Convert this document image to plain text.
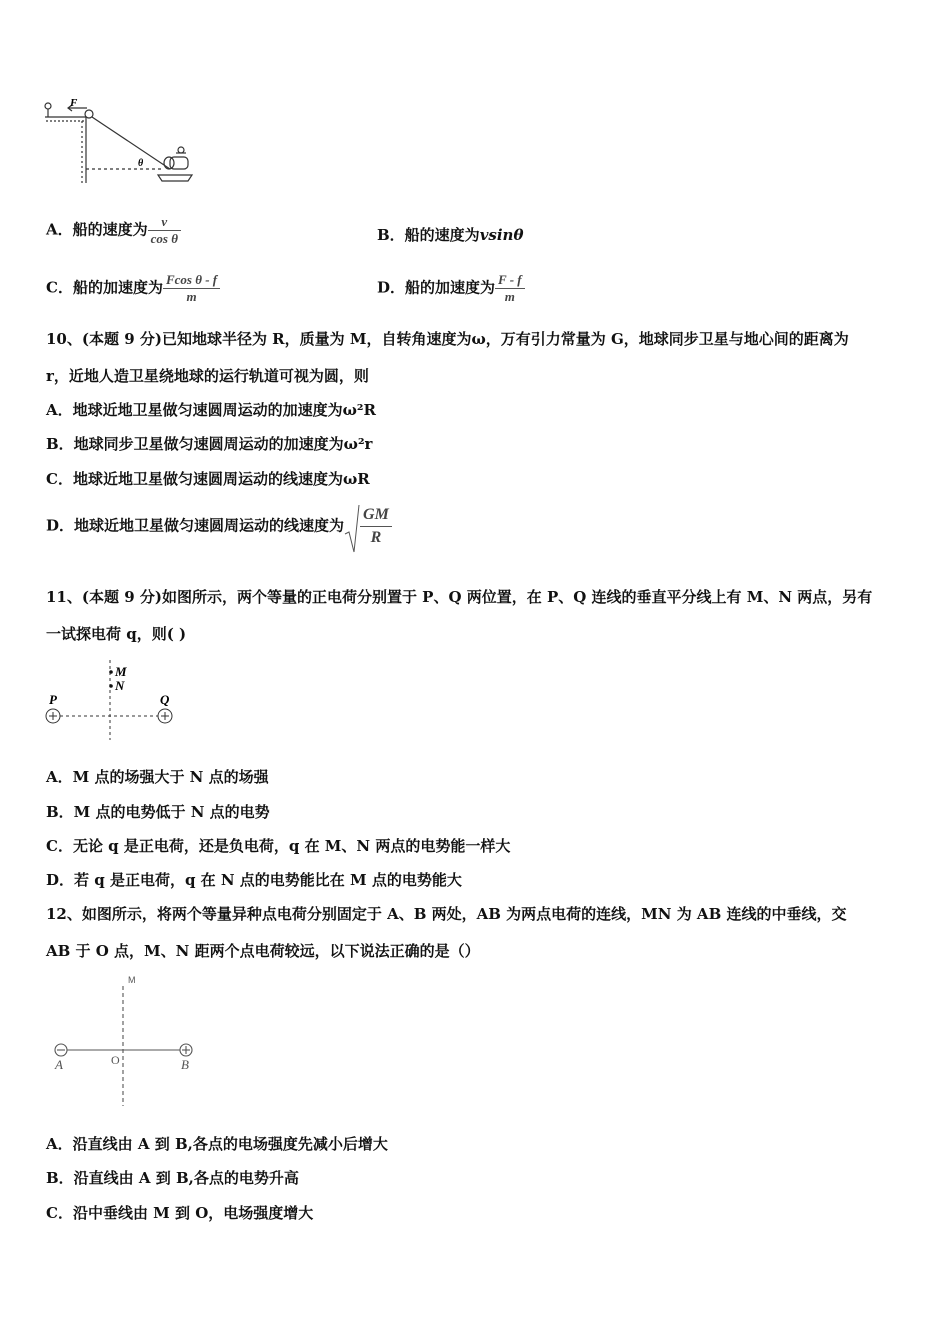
F
θ
A．船的速度为 $\frac{v}{\text{cos θ}}$	B．船的速度为vsinθ
C．船的加速度为 $\frac{\text{Fcos θ - f}}{m}$	D．船的加速度为 $\frac{F - f}{m}$
10、(本题 9 分)已知地球半径为 R，质量为 M，自转角速度为ω，万有引力常量为 G，地球同步卫星与地心间的距离为
r，近地人造卫星绕地球的运行轨道可视为圆，则
A．地球近地卫星做匀速圆周运动的加速度为ω²R
B．地球同步卫星做匀速圆周运动的加速度为ω²r
C．地球近地卫星做匀速圆周运动的线速度为ωR
D．地球近地卫星做匀速圆周运动的线速度为 $\frac{GM}{R}$
11、(本题 9 分)如图所示，两个等量的正电荷分别置于 P、Q 两位置，在 P、Q 连线的垂直平分线上有 M、N 两点，另有
一试探电荷 q，则( )
M
N
P	Q
A．M 点的场强大于 N 点的场强
B．M 点的电势低于 N 点的电势
C．无论 q 是正电荷，还是负电荷，q 在 M、N 两点的电势能一样大
D．若 q 是正电荷，q 在 N 点的电势能比在 M 点的电势能大
12、如图所示，将两个等量异种点电荷分别固定于 A、B 两处，AB 为两点电荷的连线，MN 为 AB 连线的中垂线，交
AB 于 O 点，M、N 距两个点电荷较远，以下说法正确的是（）
M
A	O	B
A．沿直线由 A 到 B,各点的电场强度先减小后增大
B．沿直线由 A 到 B,各点的电势升高
C．沿中垂线由 M 到 O，电场强度增大
